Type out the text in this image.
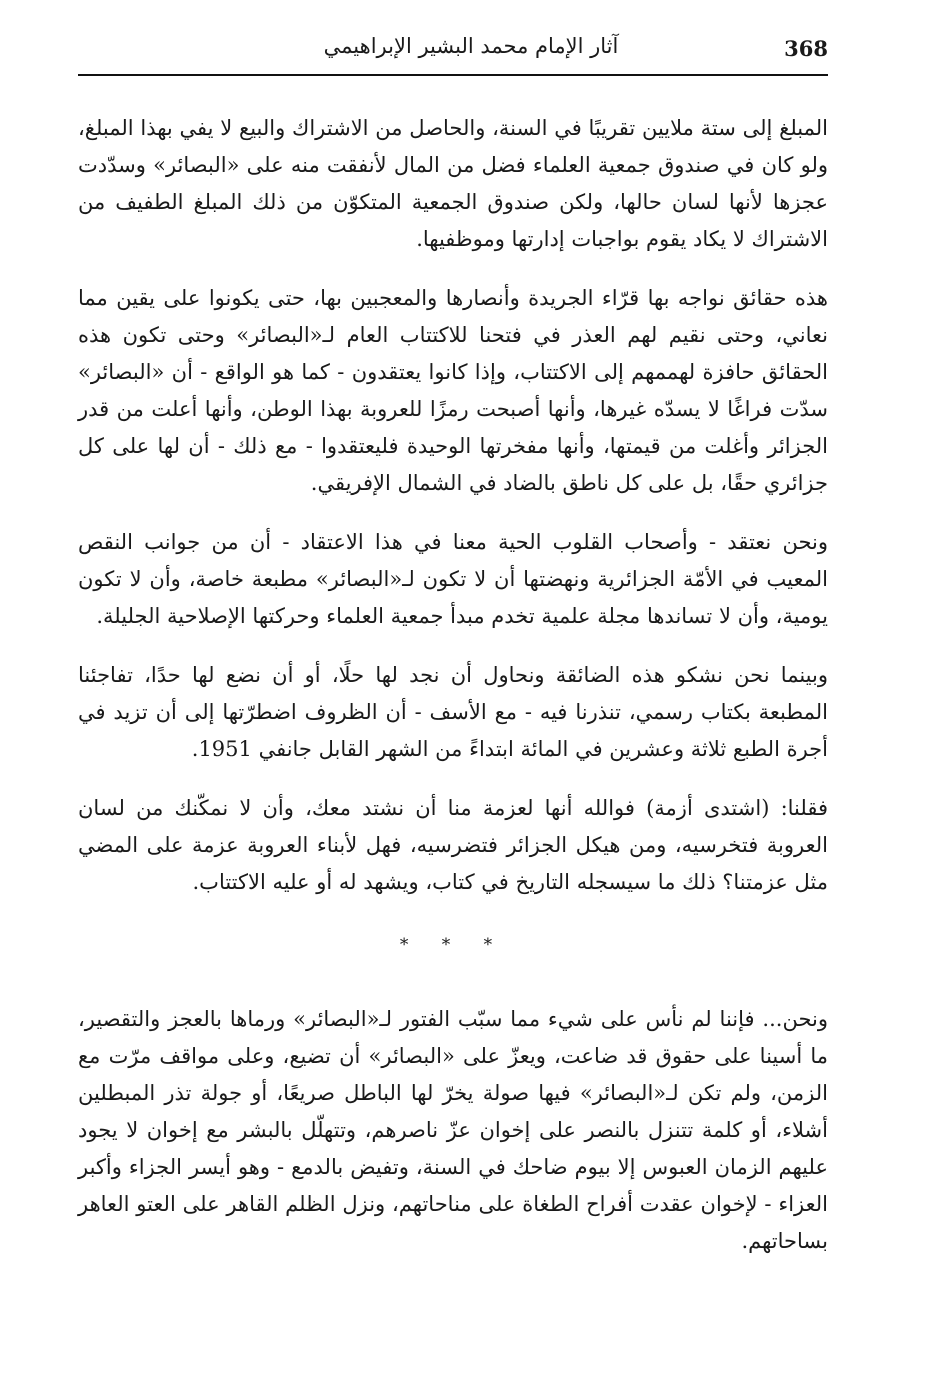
368
آثار الإمام محمد البشير الإبراهيمي

المبلغ إلى ستة ملايين تقريبًا في السنة، والحاصل من الاشتراك والبيع لا يفي بهذا المبلغ، ولو كان في صندوق جمعية العلماء فضل من المال لأنفقت منه على «البصائر» وسدّدت عجزها لأنها لسان حالها، ولكن صندوق الجمعية المتكوّن من ذلك المبلغ الطفيف من الاشتراك لا يكاد يقوم بواجبات إدارتها وموظفيها.

هذه حقائق نواجه بها قرّاء الجريدة وأنصارها والمعجبين بها، حتى يكونوا على يقين مما نعاني، وحتى نقيم لهم العذر في فتحنا للاكتتاب العام لـ«البصائر» وحتى تكون هذه الحقائق حافزة لهممهم إلى الاكتتاب، وإذا كانوا يعتقدون - كما هو الواقع - أن «البصائر» سدّت فراغًا لا يسدّه غيرها، وأنها أصبحت رمزًا للعروبة بهذا الوطن، وأنها أعلت من قدر الجزائر وأغلت من قيمتها، وأنها مفخرتها الوحيدة فليعتقدوا - مع ذلك - أن لها على كل جزائري حقًا، بل على كل ناطق بالضاد في الشمال الإفريقي.

ونحن نعتقد - وأصحاب القلوب الحية معنا في هذا الاعتقاد - أن من جوانب النقص المعيب في الأمّة الجزائرية ونهضتها أن لا تكون لـ«البصائر» مطبعة خاصة، وأن لا تكون يومية، وأن لا تساندها مجلة علمية تخدم مبدأ جمعية العلماء وحركتها الإصلاحية الجليلة.

وبينما نحن نشكو هذه الضائقة ونحاول أن نجد لها حلًا، أو أن نضع لها حدًا، تفاجئنا المطبعة بكتاب رسمي، تنذرنا فيه - مع الأسف - أن الظروف اضطرّتها إلى أن تزيد في أجرة الطبع ثلاثة وعشرين في المائة ابتداءً من الشهر القابل جانفي 1951.

فقلنا: (اشتدى أزمة) فوالله أنها لعزمة منا أن نشتد معك، وأن لا نمكّنك من لسان العروبة فتخرسيه، ومن هيكل الجزائر فتضرسيه، فهل لأبناء العروبة عزمة على المضي مثل عزمتنا؟ ذلك ما سيسجله التاريخ في كتاب، ويشهد له أو عليه الاكتتاب.

* * *

ونحن... فإننا لم نأس على شيء مما سبّب الفتور لـ«البصائر» ورماها بالعجز والتقصير، ما أسينا على حقوق قد ضاعت، ويعزّ على «البصائر» أن تضيع، وعلى مواقف مرّت مع الزمن، ولم تكن لـ«البصائر» فيها صولة يخرّ لها الباطل صريعًا، أو جولة تذر المبطلين أشلاء، أو كلمة تتنزل بالنصر على إخوان عزّ ناصرهم، وتتهلّل بالبشر مع إخوان لا يجود عليهم الزمان العبوس إلا بيوم ضاحك في السنة، وتفيض بالدمع - وهو أيسر الجزاء وأكبر العزاء - لإخوان عقدت أفراح الطغاة على مناحاتهم، ونزل الظلم القاهر على العتو العاهر بساحاتهم.
